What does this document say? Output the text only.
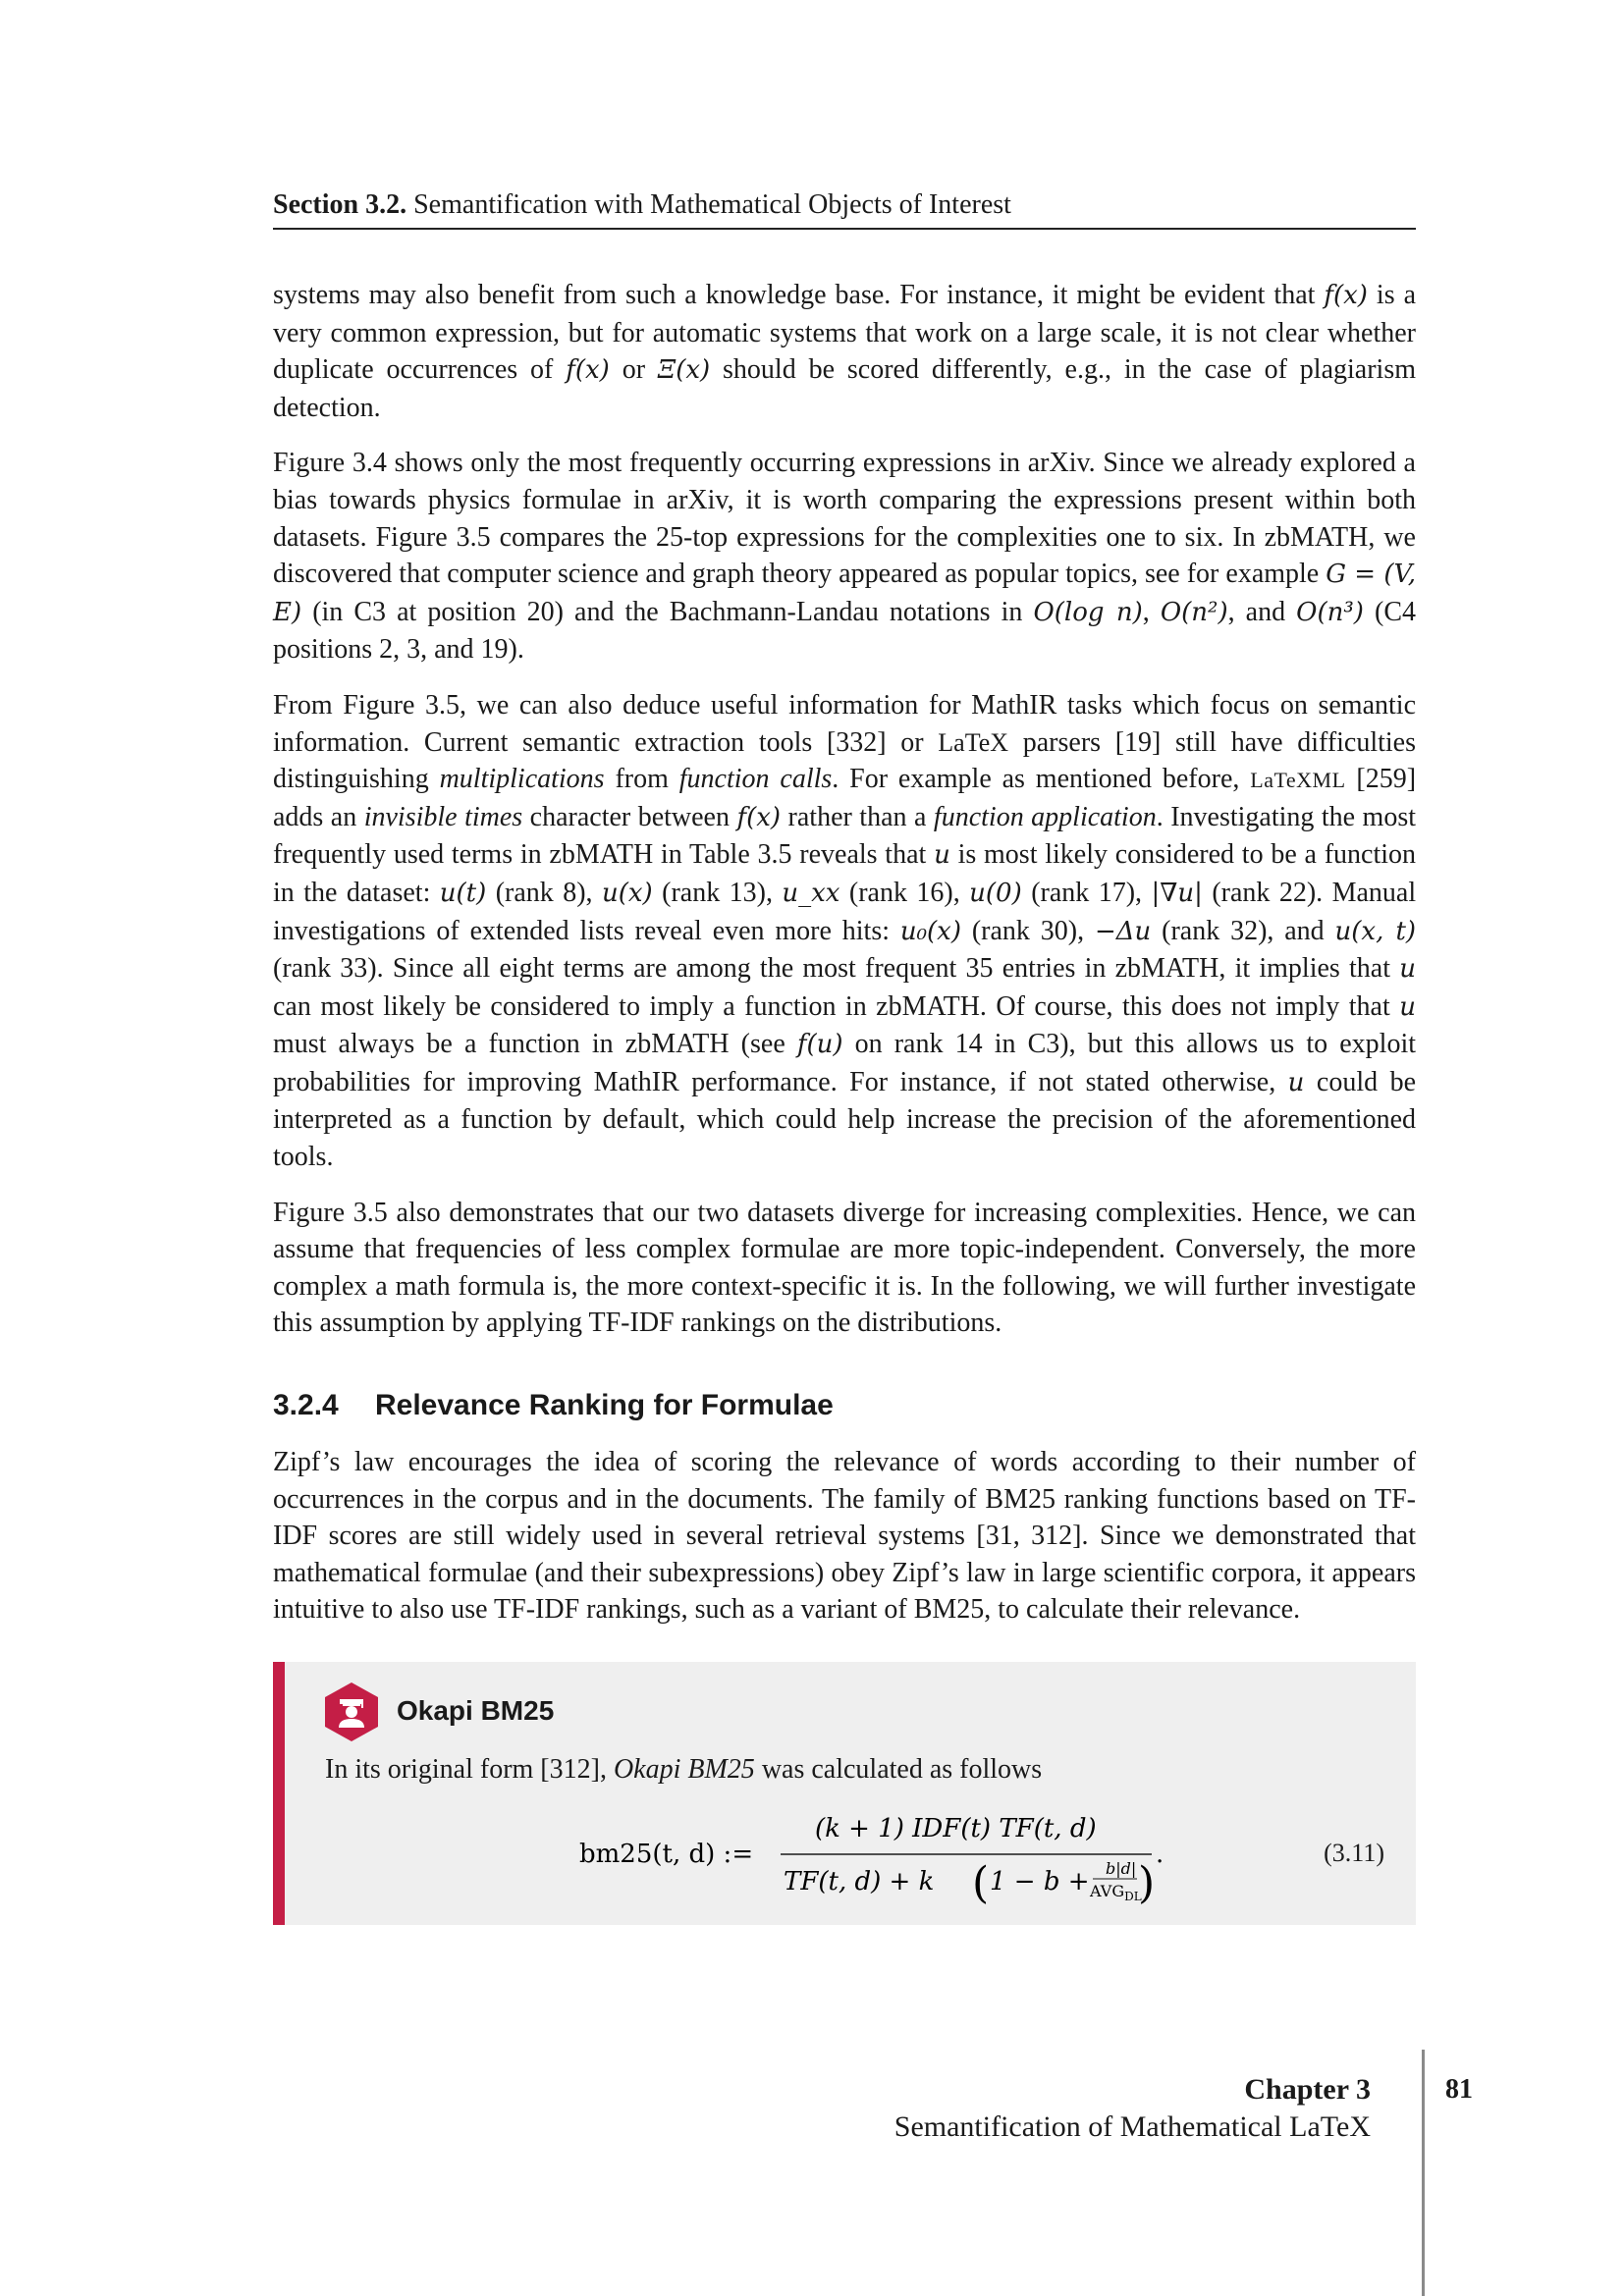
Section 3.2. Semantification with Mathematical Objects of Interest

systems may also benefit from such a knowledge base. For instance, it might be evident that f(x) is a very common expression, but for automatic systems that work on a large scale, it is not clear whether duplicate occurrences of f(x) or Ξ(x) should be scored differently, e.g., in the case of plagiarism detection.

Figure 3.4 shows only the most frequently occurring expressions in arXiv. Since we already explored a bias towards physics formulae in arXiv, it is worth comparing the expressions present within both datasets. Figure 3.5 compares the 25-top expressions for the complexities one to six. In zbMATH, we discovered that computer science and graph theory appeared as popular topics, see for example G = (V, E) (in C3 at position 20) and the Bachmann-Landau notations in O(log n), O(n²), and O(n³) (C4 positions 2, 3, and 19).

From Figure 3.5, we can also deduce useful information for MathIR tasks which focus on semantic information. Current semantic extraction tools [332] or LaTeX parsers [19] still have difficulties distinguishing multiplications from function calls. For example as mentioned before, LaTeXML [259] adds an invisible times character between f(x) rather than a function application. Investigating the most frequently used terms in zbMATH in Table 3.5 reveals that u is most likely considered to be a function in the dataset: u(t) (rank 8), u(x) (rank 13), u_xx (rank 16), u(0) (rank 17), |∇u| (rank 22). Manual investigations of extended lists reveal even more hits: u₀(x) (rank 30), −Δu (rank 32), and u(x, t) (rank 33). Since all eight terms are among the most frequent 35 entries in zbMATH, it implies that u can most likely be considered to imply a function in zbMATH. Of course, this does not imply that u must always be a function in zbMATH (see f(u) on rank 14 in C3), but this allows us to exploit probabilities for improving MathIR performance. For instance, if not stated otherwise, u could be interpreted as a function by default, which could help increase the precision of the aforementioned tools.

Figure 3.5 also demonstrates that our two datasets diverge for increasing complexities. Hence, we can assume that frequencies of less complex formulae are more topic-independent. Conversely, the more complex a math formula is, the more context-specific it is. In the following, we will further investigate this assumption by applying TF-IDF rankings on the distributions.

3.2.4 Relevance Ranking for Formulae

Zipf’s law encourages the idea of scoring the relevance of words according to their number of occurrences in the corpus and in the documents. The family of BM25 ranking functions based on TF-IDF scores are still widely used in several retrieval systems [31, 312]. Since we demonstrated that mathematical formulae (and their subexpressions) obey Zipf’s law in large scientific corpora, it appears intuitive to also use TF-IDF rankings, such as a variant of BM25, to calculate their relevance.

Okapi BM25
In its original form [312], Okapi BM25 was calculated as follows
bm25(t, d) :=
(k + 1) IDF(t) TF(t, d)
TF(t, d) + k ( 1 − b + b|d|
$AVG_{DL}$
)
.	(3.11)
Chapter 3
Semantification of Mathematical LaTeX
81
